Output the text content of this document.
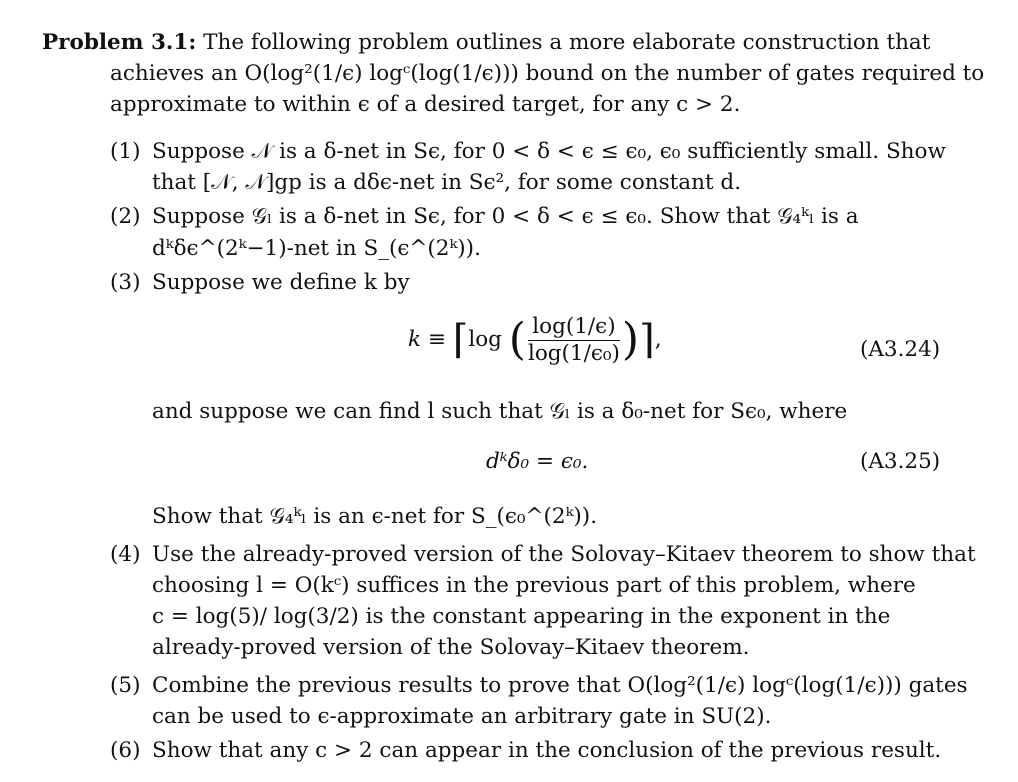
Problem 3.1: The following problem outlines a more elaborate construction that
achieves an O(log²(1/ϵ) logᶜ(log(1/ϵ))) bound on the number of gates required to
approximate to within ϵ of a desired target, for any c > 2.
(1) Suppose 𝒩 is a δ-net in Sϵ, for 0 < δ < ϵ ≤ ϵ₀, ϵ₀ sufficiently small. Show
that [𝒩, 𝒩]gp is a dδϵ-net in Sϵ², for some constant d.
(2) Suppose 𝒢ₗ is a δ-net in Sϵ, for 0 < δ < ϵ ≤ ϵ₀. Show that 𝒢₄ᵏₗ is a
dᵏδϵ^(2ᵏ−1)-net in S_(ϵ^(2ᵏ)).
(3) Suppose we define k by
k ≡ ⌈log ( $\frac{\log(1/\epsilon)}{\text{log(1/ϵ₀)}}$ )⌉,	(A3.24)
and suppose we can find l such that 𝒢ₗ is a δ₀-net for Sϵ₀, where
dᵏδ₀ = ϵ₀.	(A3.25)
Show that 𝒢₄ᵏₗ is an ϵ-net for S_(ϵ₀^(2ᵏ)).
(4) Use the already-proved version of the Solovay–Kitaev theorem to show that
choosing l = O(kᶜ) suffices in the previous part of this problem, where
c = log(5)/ log(3/2) is the constant appearing in the exponent in the
already-proved version of the Solovay–Kitaev theorem.
(5) Combine the previous results to prove that O(log²(1/ϵ) logᶜ(log(1/ϵ))) gates
can be used to ϵ-approximate an arbitrary gate in SU(2).
(6) Show that any c > 2 can appear in the conclusion of the previous result.
